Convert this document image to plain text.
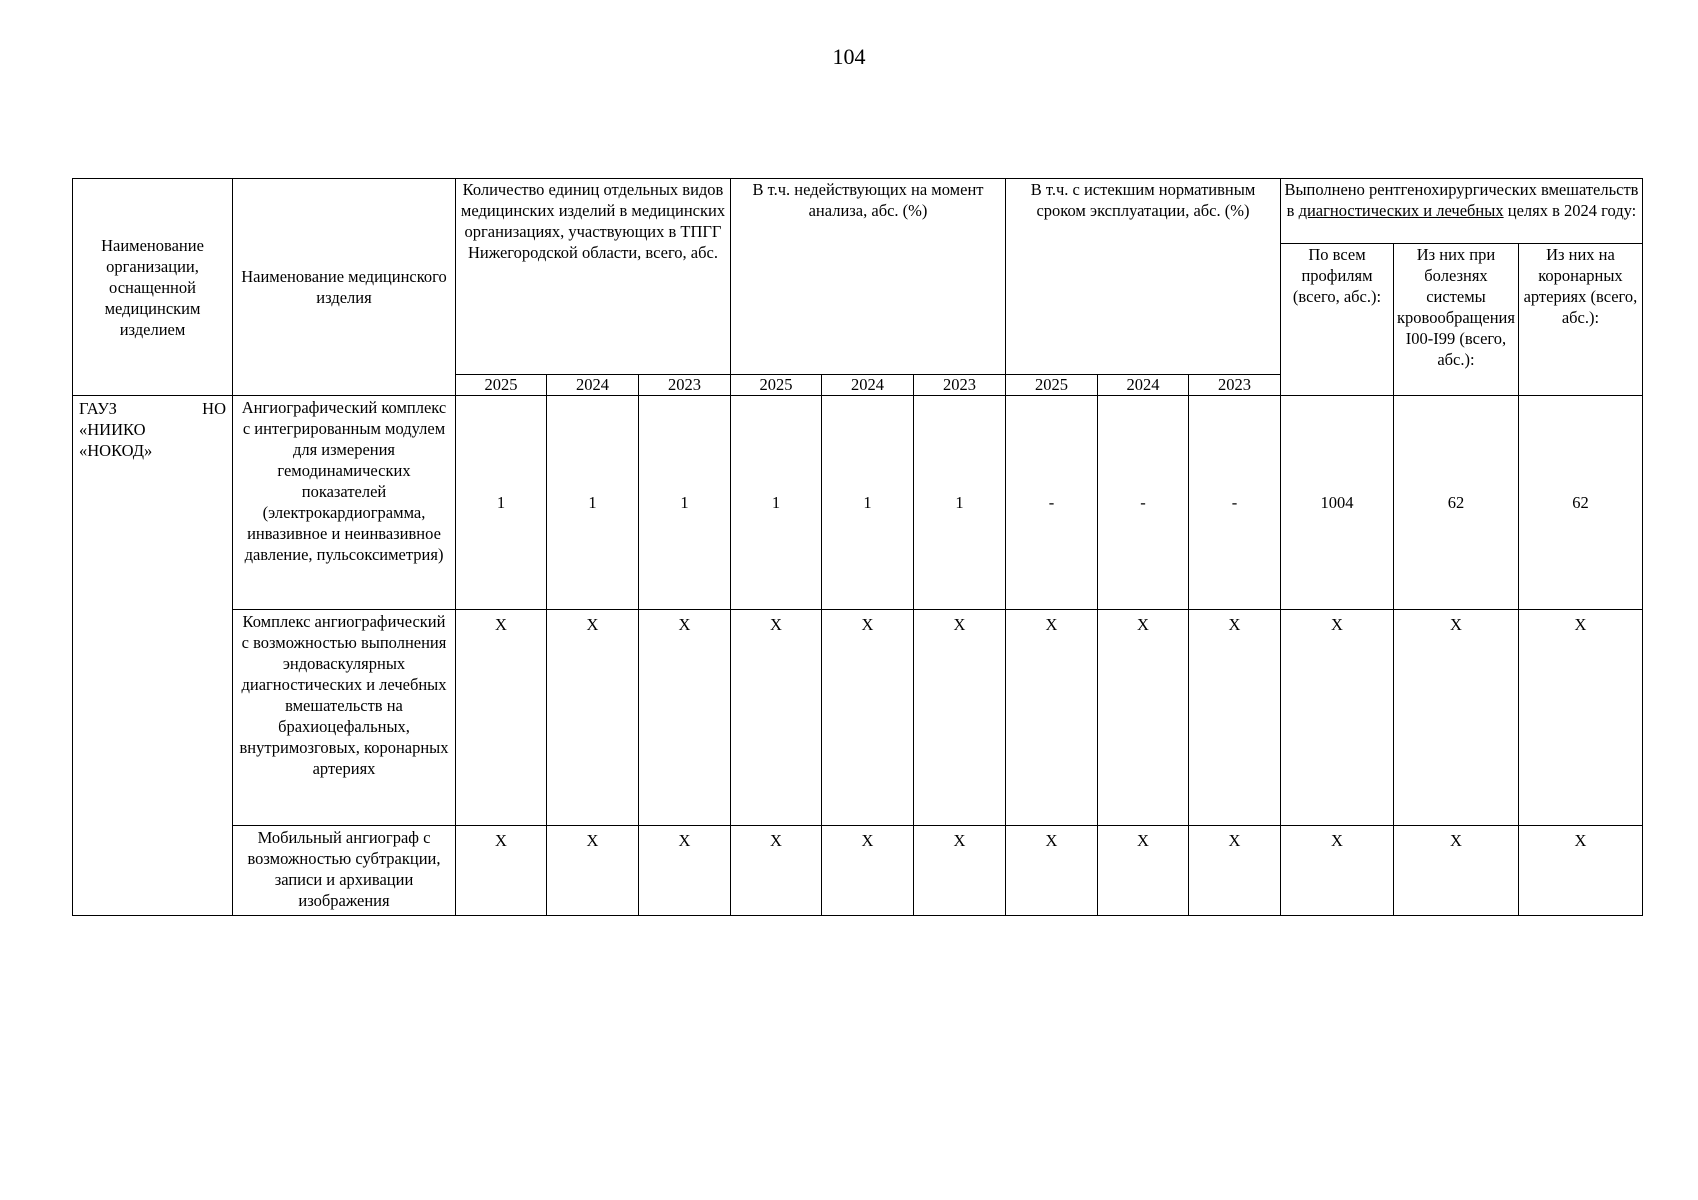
104
Наименование организации, оснащенной медицинским изделием	Наименование медицинского изделия	Количество единиц отдельных видов медицинских изделий в медицинских организациях, участвующих в ТПГГ Нижегородской области, всего, абс.			В т.ч. недействующих на момент анализа, абс. (%)			В т.ч. с истекшим нормативным сроком эксплуатации, абс. (%)			Выполнено рентгенохирургических вмешательств в диагностических и лечебных целях в 2024 году:		
											По всем профилям (всего, абс.):	Из них при болезнях системы кровообращения I00-I99 (всего, абс.):	Из них на коронарных артериях (всего, абс.):
		2025	2024	2023	2025	2024	2023	2025	2024	2023			

ГАУЗ НО
«НИИКО
«НОКОД»	Ангиографический комплекс с интегрированным модулем для измерения гемодинамических показателей (электрокардиограмма, инвазивное и неинвазивное давление, пульсоксиметрия)	1	1	1	1	1	1	-	-	-	1004	62	62
	Комплекс ангиографический с возможностью выполнения эндоваскулярных диагностических и лечебных вмешательств на брахиоцефальных, внутримозговых, коронарных артериях	X	X	X	X	X	X	X	X	X	X	X	X
	Мобильный ангиограф с возможностью субтракции, записи и архивации изображения	X	X	X	X	X	X	X	X	X	X	X	X
